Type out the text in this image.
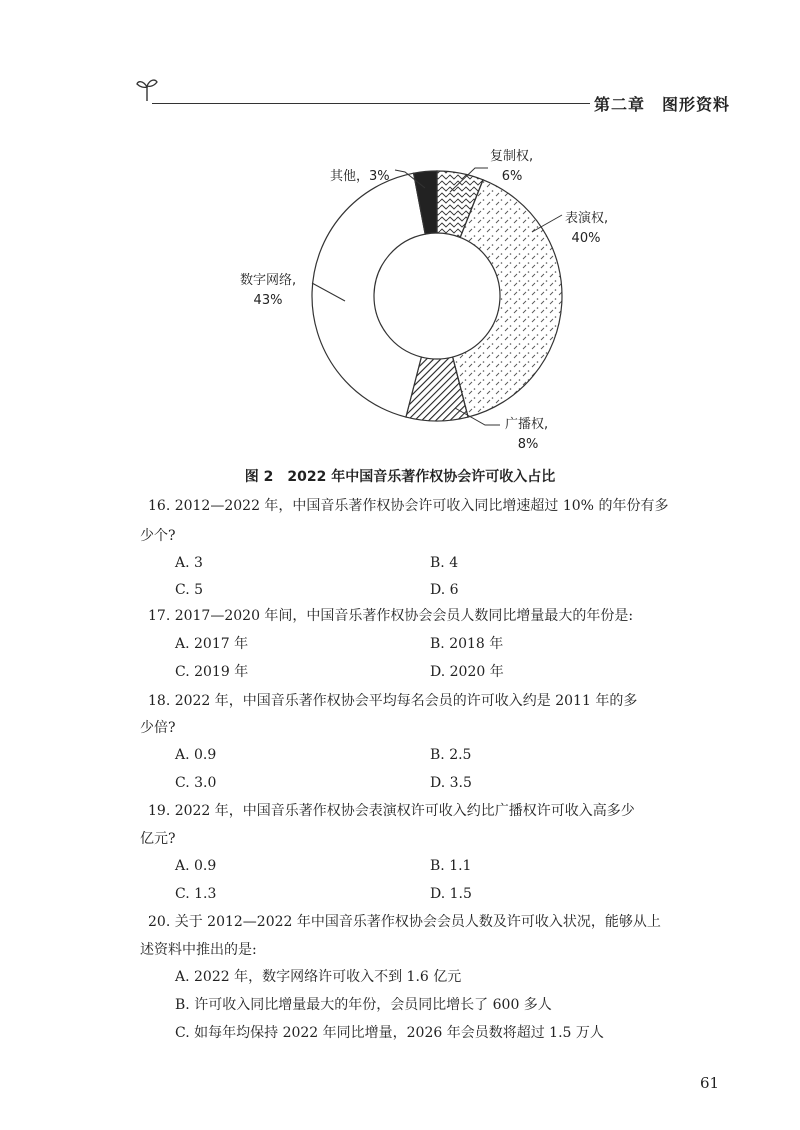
第二章　图形资料
复制权,
6%
表演权,
40%
广播权,
8%
数字网络,
43%
其他，3%
图 2　2022 年中国音乐著作权协会许可收入占比
16. 2012—2022 年，中国音乐著作权协会许可收入同比增速超过 10% 的年份有多
少个?
A. 3	B. 4
C. 5	D. 6
17. 2017—2020 年间，中国音乐著作权协会会员人数同比增量最大的年份是:
A. 2017 年	B. 2018 年
C. 2019 年	D. 2020 年
18. 2022 年，中国音乐著作权协会平均每名会员的许可收入约是 2011 年的多
少倍?
A. 0.9	B. 2.5
C. 3.0	D. 3.5
19. 2022 年，中国音乐著作权协会表演权许可收入约比广播权许可收入高多少
亿元?
A. 0.9	B. 1.1
C. 1.3	D. 1.5
20. 关于 2012—2022 年中国音乐著作权协会会员人数及许可收入状况，能够从上
述资料中推出的是:
A. 2022 年，数字网络许可收入不到 1.6 亿元
B. 许可收入同比增量最大的年份，会员同比增长了 600 多人
C. 如每年均保持 2022 年同比增量，2026 年会员数将超过 1.5 万人
61
